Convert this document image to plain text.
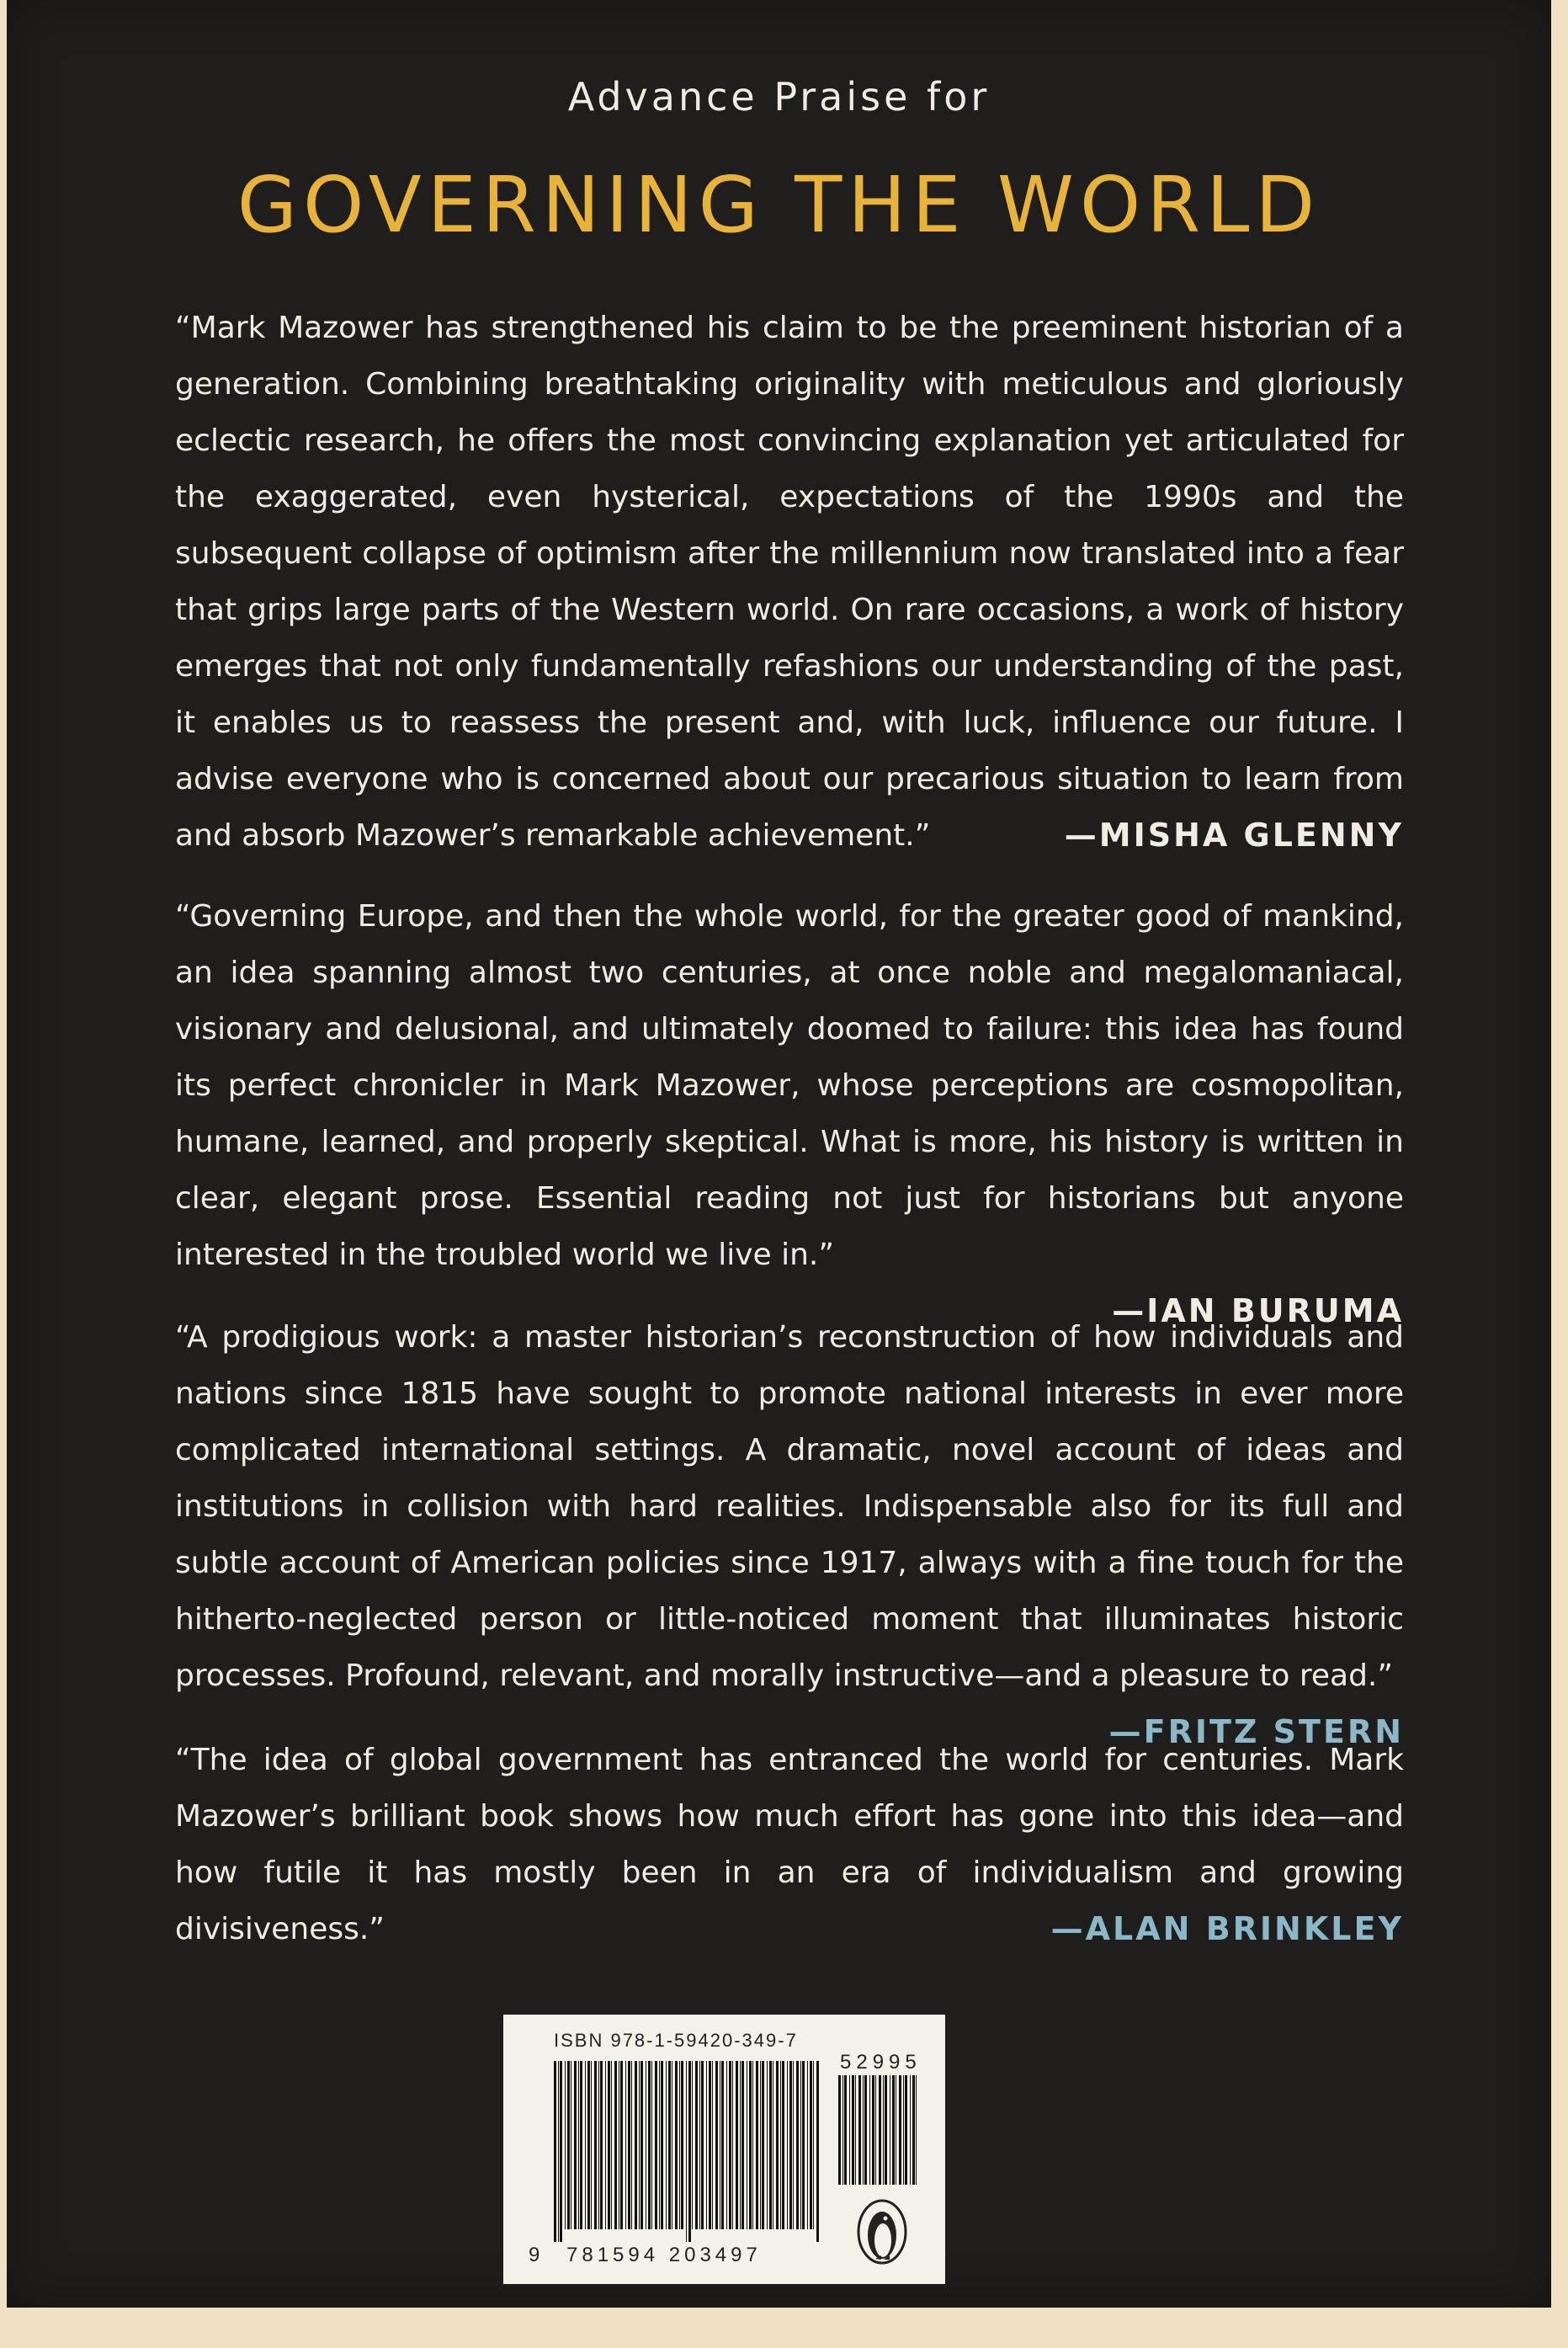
Advance Praise for
GOVERNING THE WORLD

“Mark Mazower has strengthened his claim to be the preeminent historian of a generation. Combining breathtaking originality with meticulous and gloriously eclectic research, he offers the most convincing explanation yet articulated for the exaggerated, even hysterical, expectations of the 1990s and the subsequent collapse of optimism after the millennium now translated into a fear that grips large parts of the Western world. On rare occasions, a work of history emerges that not only fundamentally refashions our understanding of the past, it enables us to reassess the present and, with luck, influence our future. I advise everyone who is concerned about our precarious situation to learn from and absorb Mazower’s remarkable achievement.”	—MISHA GLENNY

“Governing Europe, and then the whole world, for the greater good of mankind, an idea spanning almost two centuries, at once noble and megalomaniacal, visionary and delusional, and ultimately doomed to failure: this idea has found its perfect chronicler in Mark Mazower, whose perceptions are cosmopolitan, humane, learned, and properly skeptical. What is more, his history is written in clear, elegant prose. Essential reading not just for historians but anyone interested in the troubled world we live in.”

—IAN BURUMA

“A prodigious work: a master historian’s reconstruction of how individuals and nations since 1815 have sought to promote national interests in ever more complicated international settings. A dramatic, novel account of ideas and institutions in collision with hard realities. Indispensable also for its full and subtle account of American policies since 1917, always with a fine touch for the hitherto-neglected person or little-noticed moment that illuminates historic processes. Profound, relevant, and morally instructive—and a pleasure to read.”

—FRITZ STERN

“The idea of global government has entranced the world for centuries. Mark Mazower’s brilliant book shows how much effort has gone into this idea—and how futile it has mostly been in an era of individualism and growing divisiveness.”	—ALAN BRINKLEY
ISBN 978-1-59420-349-7
52995
9 781594 203497
